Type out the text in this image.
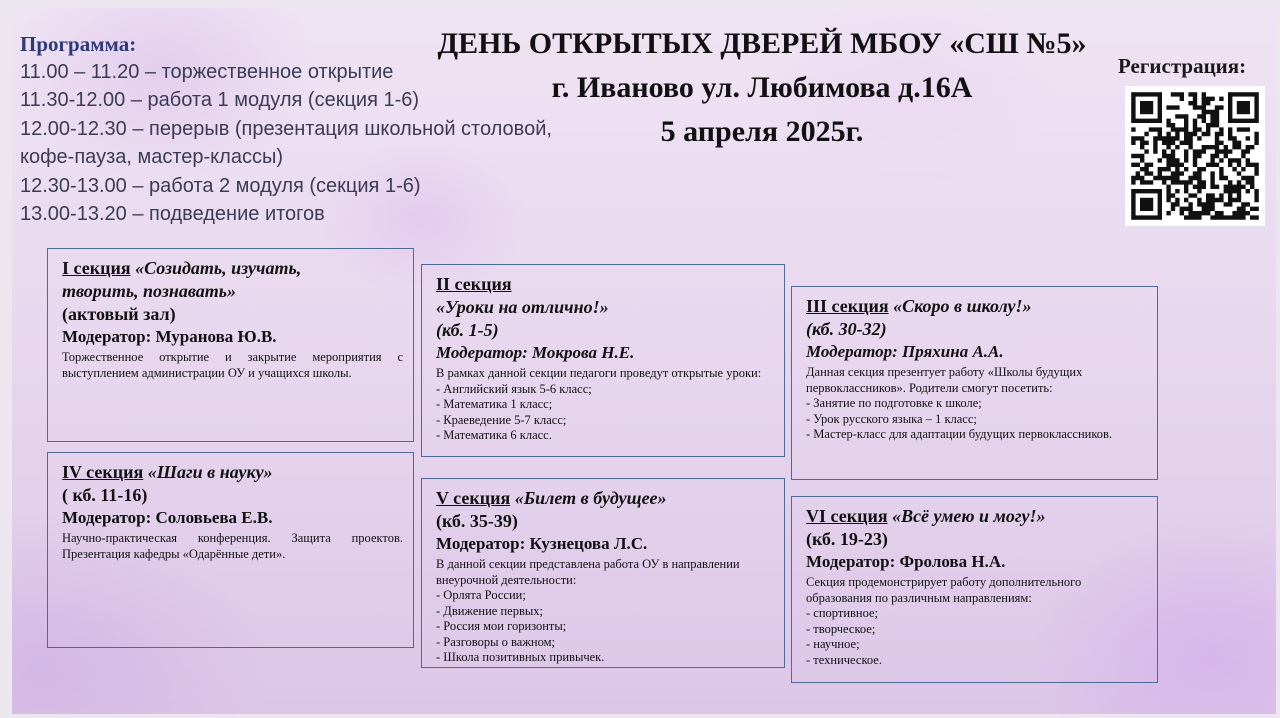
Программа:
11.00 – 11.20 – торжественное открытие
11.30-12.00 – работа 1 модуля (секция 1-6)
12.00-12.30 – перерыв (презентация школьной столовой,
кофе-пауза, мастер-классы)
12.30-13.00 – работа 2 модуля (секция 1-6)
13.00-13.20 – подведение итогов
ДЕНЬ ОТКРЫТЫХ ДВЕРЕЙ МБОУ «СШ №5»
г. Иваново ул. Любимова д.16А
5 апреля 2025г.
Регистрация:
I секция «Созидать, изучать,
творить, познавать»
(актовый зал)
Модератор: Муранова Ю.В.
Торжественное открытие и закрытие мероприятия с выступлением администрации ОУ и учащихся школы.
II секция
«Уроки на отлично!»
(кб. 1-5)
Модератор: Мокрова Н.Е.
В рамках данной секции педагоги проведут открытые уроки:
- Английский язык 5-6 класс;
- Математика 1 класс;
- Краеведение 5-7 класс;
- Математика 6 класс.
III секция «Скоро в школу!»
(кб. 30-32)
Модератор: Пряхина А.А.
Данная секция презентует работу «Школы будущих первоклассников». Родители смогут посетить:
- Занятие по подготовке к школе;
- Урок русского языка – 1 класс;
- Мастер-класс для адаптации будущих первоклассников.
IV секция «Шаги в науку»
( кб. 11-16)
Модератор: Соловьева Е.В.
Научно-практическая конференция. Защита проектов. Презентация кафедры «Одарённые дети».
V секция «Билет в будущее»
(кб. 35-39)
Модератор: Кузнецова Л.С.
В данной секции представлена работа ОУ в направлении внеурочной деятельности:
- Орлята России;
- Движение первых;
- Россия мои горизонты;
- Разговоры о важном;
- Школа позитивных привычек.
VI секция «Всё умею и могу!»
(кб. 19-23)
Модератор: Фролова Н.А.
Секция продемонстрирует работу дополнительного образования по различным направлениям:
- спортивное;
- творческое;
- научное;
- техническое.
